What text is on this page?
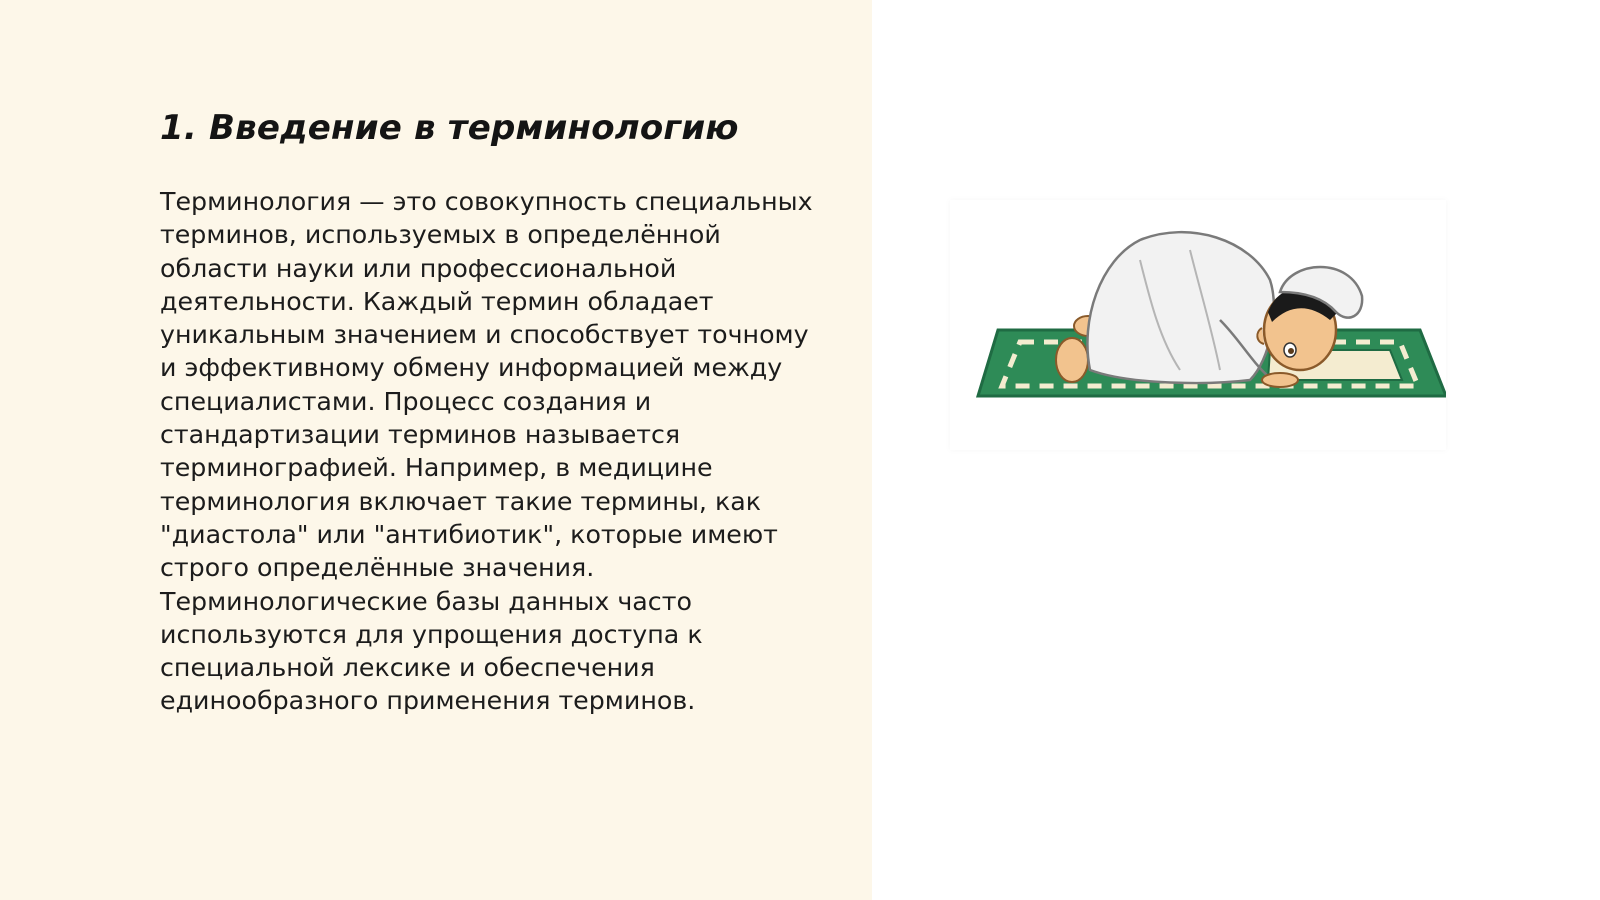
1. Введение в терминологию

Терминология — это совокупность специальных
терминов, используемых в определённой
области науки или профессиональной
деятельности. Каждый термин обладает
уникальным значением и способствует точному
и эффективному обмену информацией между
специалистами. Процесс создания и
стандартизации терминов называется
терминографией. Например, в медицине
терминология включает такие термины, как
"диастола" или "антибиотик", которые имеют
строго определённые значения.
Терминологические базы данных часто
используются для упрощения доступа к
специальной лексике и обеспечения
единообразного применения терминов.
